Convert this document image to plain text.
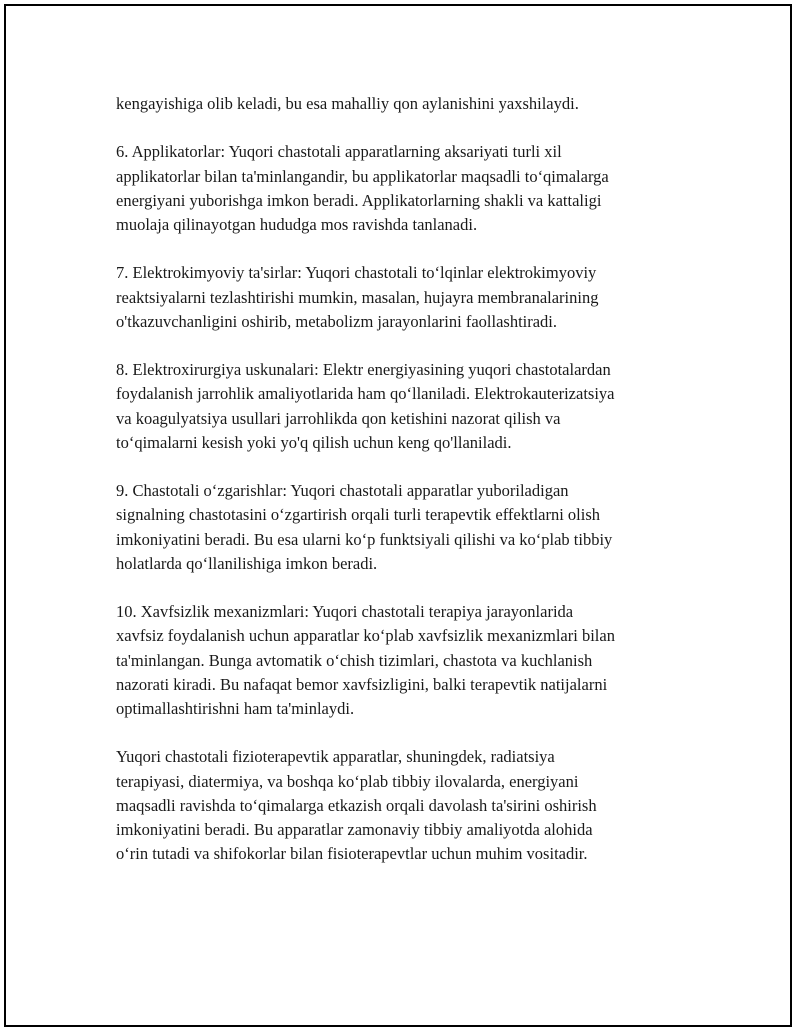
kengayishiga olib keladi, bu esa mahalliy qon aylanishini yaxshilaydi.

6. Applikatorlar: Yuqori chastotali apparatlarning aksariyati turli xil
applikatorlar bilan ta'minlangandir, bu applikatorlar maqsadli to‘qimalarga
energiyani yuborishga imkon beradi. Applikatorlarning shakli va kattaligi
muolaja qilinayotgan hududga mos ravishda tanlanadi.

7. Elektrokimyoviy ta'sirlar: Yuqori chastotali to‘lqinlar elektrokimyoviy
reaktsiyalarni tezlashtirishi mumkin, masalan, hujayra membranalarining
o'tkazuvchanligini oshirib, metabolizm jarayonlarini faollashtiradi.

8. Elektroxirurgiya uskunalari: Elektr energiyasining yuqori chastotalardan
foydalanish jarrohlik amaliyotlarida ham qo‘llaniladi. Elektrokauterizatsiya
va koagulyatsiya usullari jarrohlikda qon ketishini nazorat qilish va
to‘qimalarni kesish yoki yo'q qilish uchun keng qo'llaniladi.

9. Chastotali o‘zgarishlar: Yuqori chastotali apparatlar yuboriladigan
signalning chastotasini o‘zgartirish orqali turli terapevtik effektlarni olish
imkoniyatini beradi. Bu esa ularni ko‘p funktsiyali qilishi va ko‘plab tibbiy
holatlarda qo‘llanilishiga imkon beradi.

10. Xavfsizlik mexanizmlari: Yuqori chastotali terapiya jarayonlarida
xavfsiz foydalanish uchun apparatlar ko‘plab xavfsizlik mexanizmlari bilan
ta'minlangan. Bunga avtomatik o‘chish tizimlari, chastota va kuchlanish
nazorati kiradi. Bu nafaqat bemor xavfsizligini, balki terapevtik natijalarni
optimallashtirishni ham ta'minlaydi.

Yuqori chastotali fizioterapevtik apparatlar, shuningdek, radiatsiya
terapiyasi, diatermiya, va boshqa ko‘plab tibbiy ilovalarda, energiyani
maqsadli ravishda to‘qimalarga etkazish orqali davolash ta'sirini oshirish
imkoniyatini beradi. Bu apparatlar zamonaviy tibbiy amaliyotda alohida
o‘rin tutadi va shifokorlar bilan fisioterapevtlar uchun muhim vositadir.
